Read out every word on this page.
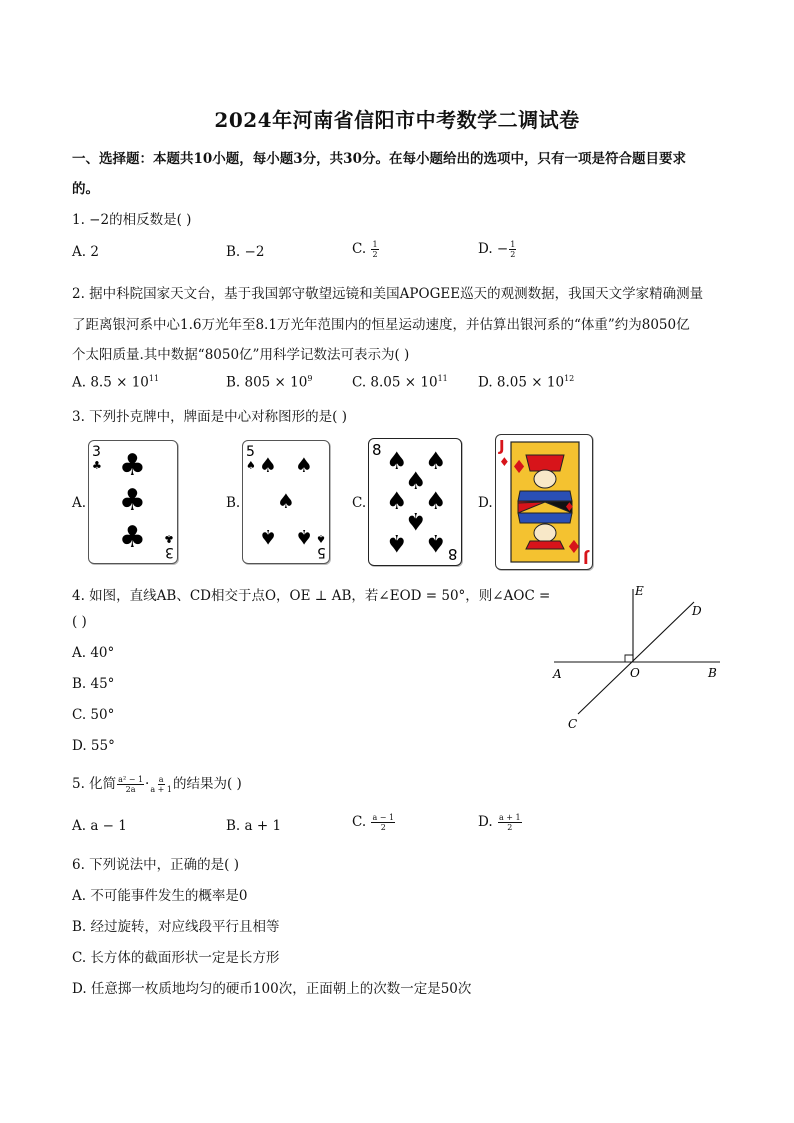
2024年河南省信阳市中考数学二调试卷
一、选择题：本题共10小题，每小题3分，共30分。在每小题给出的选项中，只有一项是符合题目要求
的。
1. −2的相反数是( )
A. 2	B. −2	C. $\frac{1}{2}$	D. − $\frac{1}{2}$
2. 据中科院国家天文台，基于我国郭守敬望远镜和美国APOGEE巡天的观测数据，我国天文学家精确测量
了距离银河系中心1.6万光年至8.1万光年范围内的恒星运动速度，并估算出银河系的“体重”约为8050亿
个太阳质量.其中数据“8050亿”用科学记数法可表示为( )
A. $8.5 \times 10^{11}$	B. $805 \times 10^9$	C. $8.05 \times 10^{11}$ D. $8.05 \times 10^{12}$
3. 下列扑克牌中，牌面是中心对称图形的是( )
A.
3
♣ ♣
♣
♣ ♣
3
B.
5
♠ ♠ ♠
♠
♠ ♠ ♠
5
C.
8 ♠ ♠
♠
♠ ♠
♠
♠ ♠ 8
D.
J
♦
♦
♦
♦ J
4. 如图，直线AB、CD相交于点O，OE ⊥ AB，若∠EOD = 50°，则∠AOC =
( )
A. 40°
B. 45°
C. 50°
D. 55°
E
D
A	O	B
C
5. 化简 $\frac{\text{a² − 1}}{2a} \cdot \frac{a}{a + 1}$ 的结果为( )
A. a − 1	B. a + 1	C. $\frac{a - 1}{2}$	D. $\frac{a + 1}{2}$
6. 下列说法中，正确的是( )
A. 不可能事件发生的概率是0
B. 经过旋转，对应线段平行且相等
C. 长方体的截面形状一定是长方形
D. 任意掷一枚质地均匀的硬币100次，正面朝上的次数一定是50次
